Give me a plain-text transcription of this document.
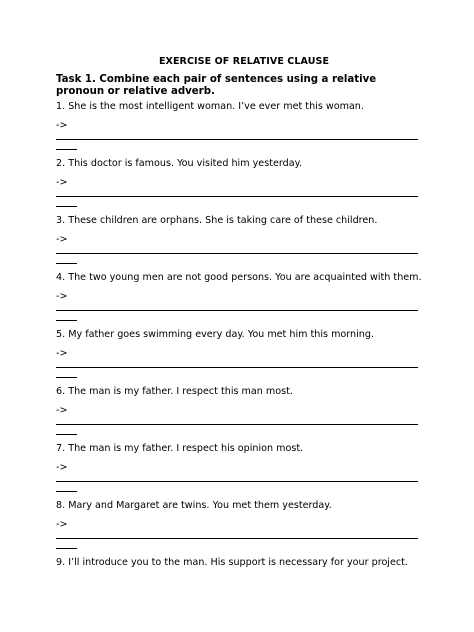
EXERCISE OF RELATIVE CLAUSE
Task 1. Combine each pair of sentences using a relative pronoun or relative adverb.
1. She is the most intelligent woman. I’ve ever met this woman.
->
2. This doctor is famous. You visited him yesterday.
->
3. These children are orphans. She is taking care of these children.
->
4. The two young men are not good persons. You are acquainted with them.
->
5. My father goes swimming every day. You met him this morning.
->
6. The man is my father. I respect this man most.
->
7. The man is my father. I respect his opinion most.
->
8. Mary and Margaret are twins. You met them yesterday.
->
9. I’ll introduce you to the man. His support is necessary for your project.
